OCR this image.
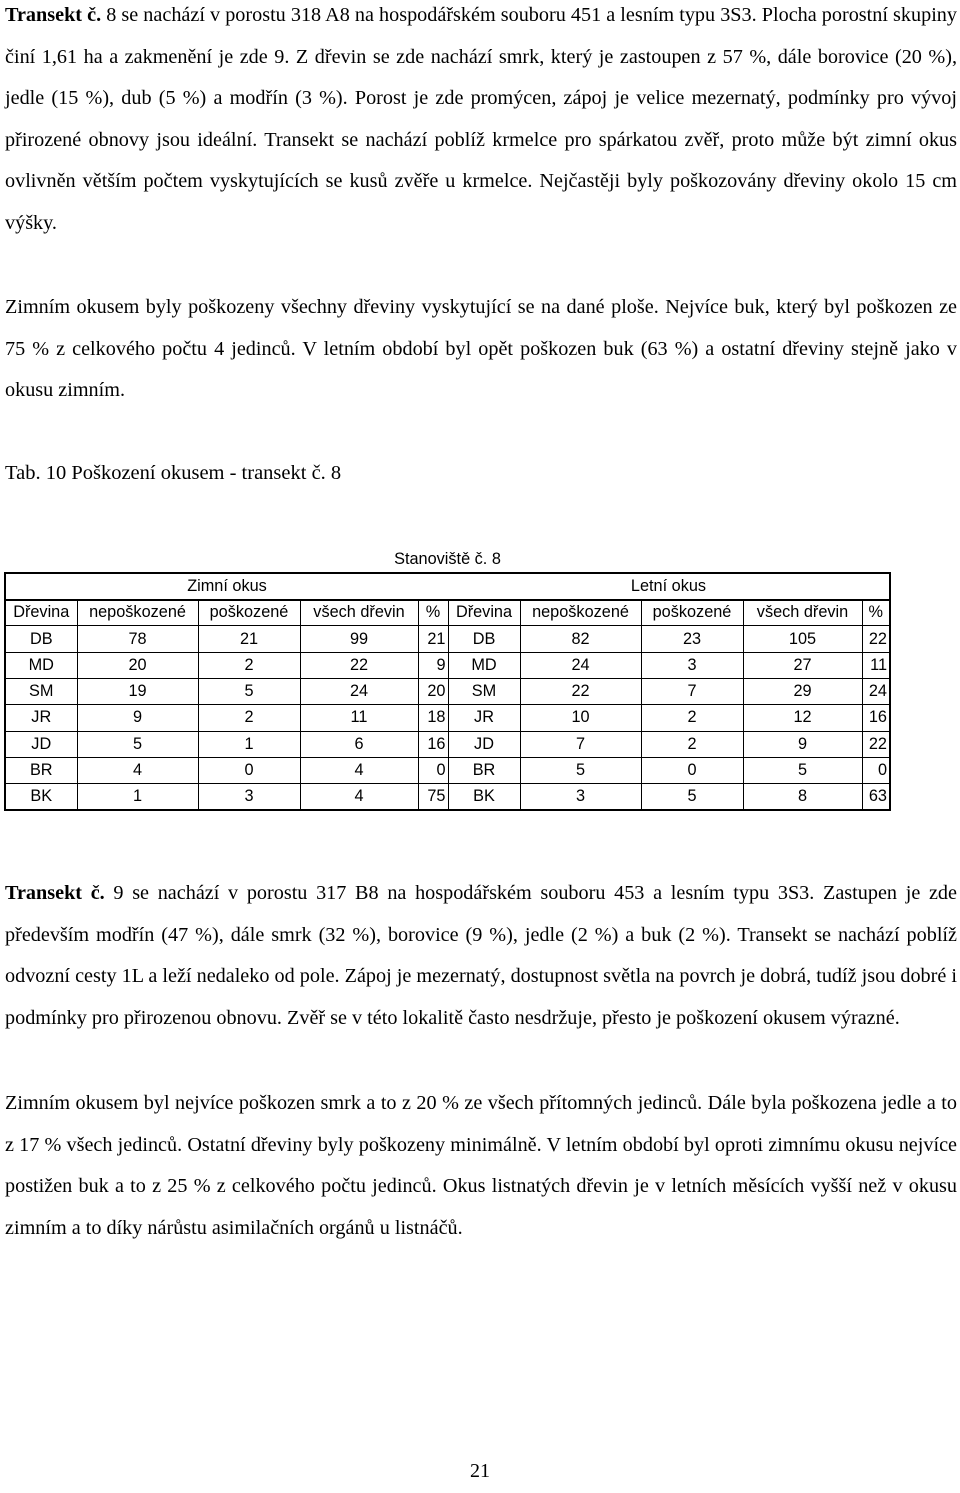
Transekt č. 8 se nachází v porostu 318 A8 na hospodářském souboru 451 a lesním typu 3S3. Plocha porostní skupiny činí 1,61 ha a zakmenění je zde 9. Z dřevin se zde nachází smrk, který je zastoupen z 57 %, dále borovice (20 %), jedle (15 %), dub (5 %) a modřín (3 %). Porost je zde promýcen, zápoj je velice mezernatý, podmínky pro vývoj přirozené obnovy jsou ideální. Transekt se nachází poblíž krmelce pro spárkatou zvěř, proto může být zimní okus ovlivněn větším počtem vyskytujících se kusů zvěře u krmelce. Nejčastěji byly poškozovány dřeviny okolo 15 cm výšky.

Zimním okusem byly poškozeny všechny dřeviny vyskytující se na dané ploše. Nejvíce buk, který byl poškozen ze 75 % z celkového počtu 4 jedinců. V letním období byl opět poškozen buk (63 %) a ostatní dřeviny stejně jako v okusu zimním.

Tab. 10 Poškození okusem - transekt č. 8

Stanoviště č. 8									
Zimní okus					Letní okus				
Dřevina	nepoškozené	poškozené	všech dřevin	%	Dřevina	nepoškozené	poškozené	všech dřevin	%
DB	78	21	99	21	DB	82	23	105	22
MD	20	2	22	9	MD	24	3	27	11
SM	19	5	24	20	SM	22	7	29	24
JR	9	2	11	18	JR	10	2	12	16
JD	5	1	6	16	JD	7	2	9	22
BR	4	0	4	0	BR	5	0	5	0
BK	1	3	4	75	BK	3	5	8	63

Transekt č. 9 se nachází v porostu 317 B8 na hospodářském souboru 453 a lesním typu 3S3. Zastupen je zde především modřín (47 %), dále smrk (32 %), borovice (9 %), jedle (2 %) a buk (2 %). Transekt se nachází poblíž odvozní cesty 1L a leží nedaleko od pole. Zápoj je mezernatý, dostupnost světla na povrch je dobrá, tudíž jsou dobré i podmínky pro přirozenou obnovu. Zvěř se v této lokalitě často nesdržuje, přesto je poškození okusem výrazné.

Zimním okusem byl nejvíce poškozen smrk a to z 20 % ze všech přítomných jedinců. Dále byla poškozena jedle a to z 17 % všech jedinců. Ostatní dřeviny byly poškozeny minimálně. V letním období byl oproti zimnímu okusu nejvíce postižen buk a to z 25 % z celkového počtu jedinců. Okus listnatých dřevin je v letních měsících vyšší než v okusu zimním a to díky nárůstu asimilačních orgánů u listnáčů.

21
